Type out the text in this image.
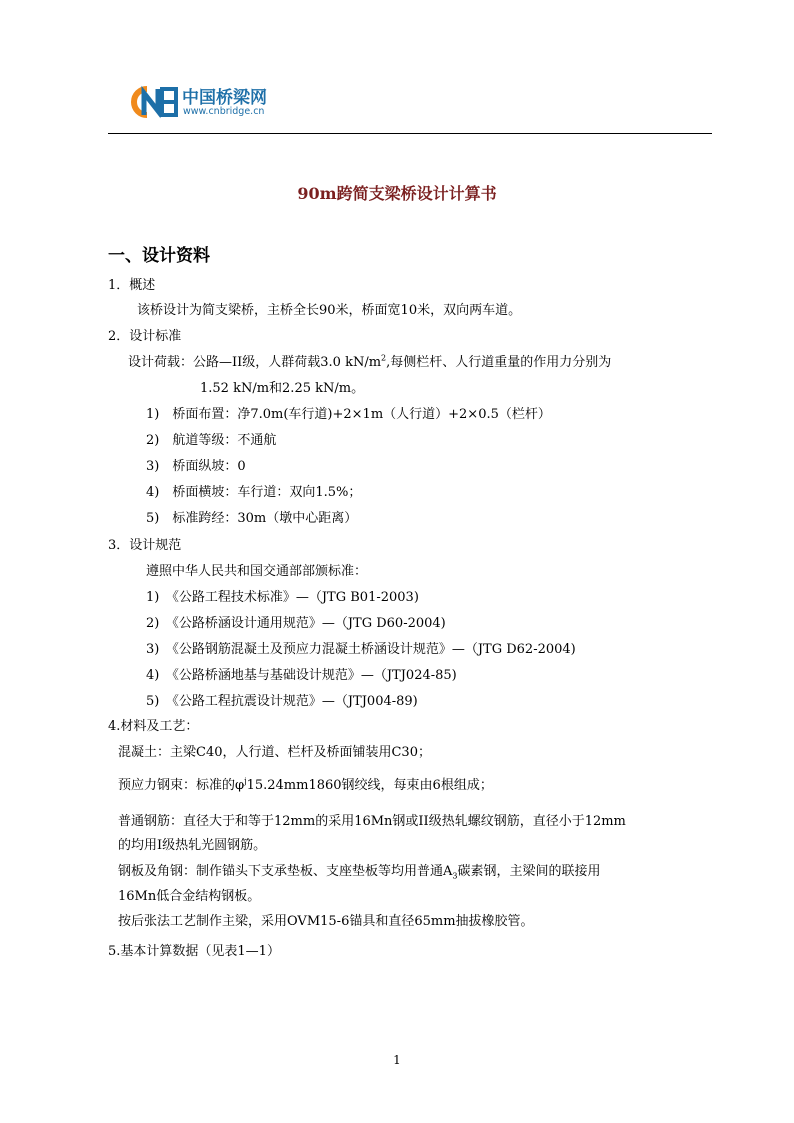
中国桥梁网
www.cnbridge.cn
90m跨简支梁桥设计计算书
一、设计资料
1．概述
该桥设计为简支梁桥，主桥全长90米，桥面宽10米，双向两车道。
2．设计标准
设计荷载：公路—II级，人群荷载3.0 $kN/m^2$,每侧栏杆、人行道重量的作用力分别为
1.52 kN/m和2.25 kN/m。
1)　桥面布置：净7.0m(车行道)+2×1m（人行道）+2×0.5（栏杆）
2)　航道等级：不通航
3)　桥面纵坡：0
4)　桥面横坡：车行道：双向1.5%；
5)　标准跨经：30m（墩中心距离）
3．设计规范
遵照中华人民共和国交通部部颁标准：
1)　《公路工程技术标准》—（JTG B01-2003)
2)　《公路桥涵设计通用规范》—（JTG D60-2004)
3)　《公路钢筋混凝土及预应力混凝土桥涵设计规范》—（JTG D62-2004)
4)　《公路桥涵地基与基础设计规范》—（JTJ024-85)
5)　《公路工程抗震设计规范》—（JTJ004-89)
4.材料及工艺：
混凝土：主梁C40，人行道、栏杆及桥面铺装用C30；
预应力钢束：标准的$\varphi^j15.24mm1860$钢绞线，每束由6根组成；
普通钢筋：直径大于和等于12mm的采用16Mn钢或II级热轧螺纹钢筋，直径小于12mm
的均用I级热轧光圆钢筋。
钢板及角钢：制作锚头下支承垫板、支座垫板等均用普通$A_3$碳素钢，主梁间的联接用
16Mn低合金结构钢板。
按后张法工艺制作主梁，采用OVM15-6锚具和直径65mm抽拔橡胶管。
5.基本计算数据（见表1—1）
1
